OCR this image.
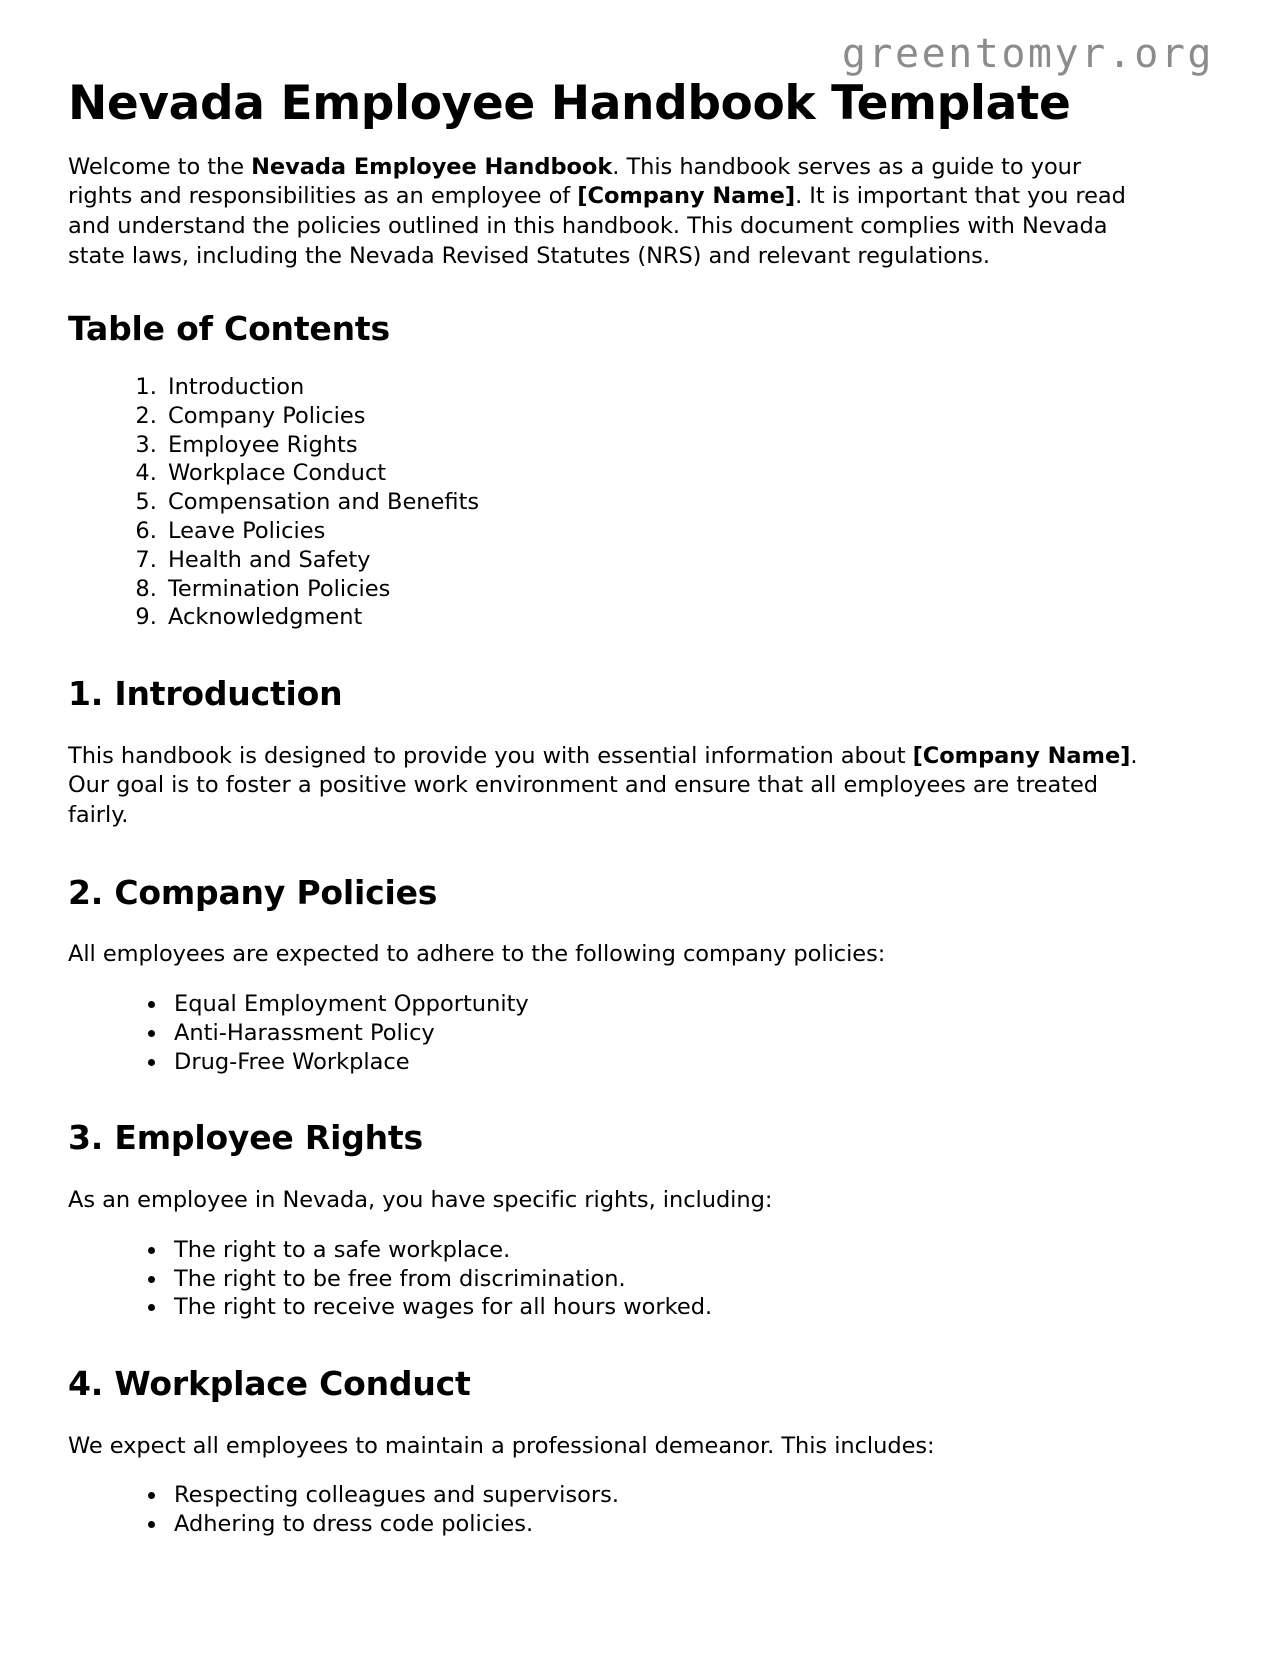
greentomyr.org
Nevada Employee Handbook Template

Welcome to the Nevada Employee Handbook. This handbook serves as a guide to your rights and responsibilities as an employee of [Company Name]. It is important that you read and understand the policies outlined in this handbook. This document complies with Nevada state laws, including the Nevada Revised Statutes (NRS) and relevant regulations.

Table of Contents
1. Introduction
2. Company Policies
3. Employee Rights
4. Workplace Conduct
5. Compensation and Benefits
6. Leave Policies
7. Health and Safety
8. Termination Policies
9. Acknowledgment
1. Introduction

This handbook is designed to provide you with essential information about [Company Name]. Our goal is to foster a positive work environment and ensure that all employees are treated fairly.

2. Company Policies

All employees are expected to adhere to the following company policies:

• Equal Employment Opportunity
• Anti-Harassment Policy
• Drug-Free Workplace
3. Employee Rights

As an employee in Nevada, you have specific rights, including:

• The right to a safe workplace.
• The right to be free from discrimination.
• The right to receive wages for all hours worked.
4. Workplace Conduct

We expect all employees to maintain a professional demeanor. This includes:

• Respecting colleagues and supervisors.
• Adhering to dress code policies.
